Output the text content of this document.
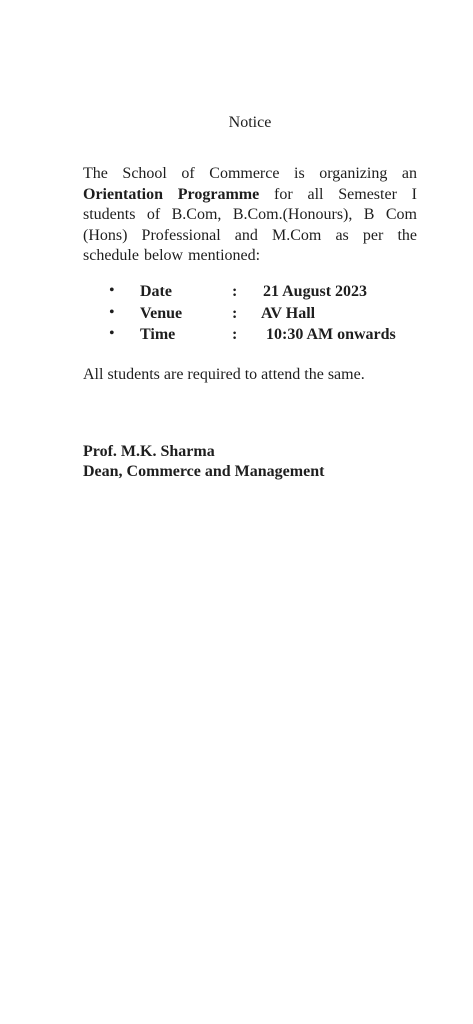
Notice

The School of Commerce is organizing an Orientation Programme for all Semester I students of B.Com, B.Com.(Honours), B Com (Hons) Professional and M.Com as per the schedule below mentioned:

• Date	: 21 August 2023
• Venue	: AV Hall
• Time	: 10:30 AM onwards
All students are required to attend the same.
Prof. M.K. Sharma
Dean, Commerce and Management
